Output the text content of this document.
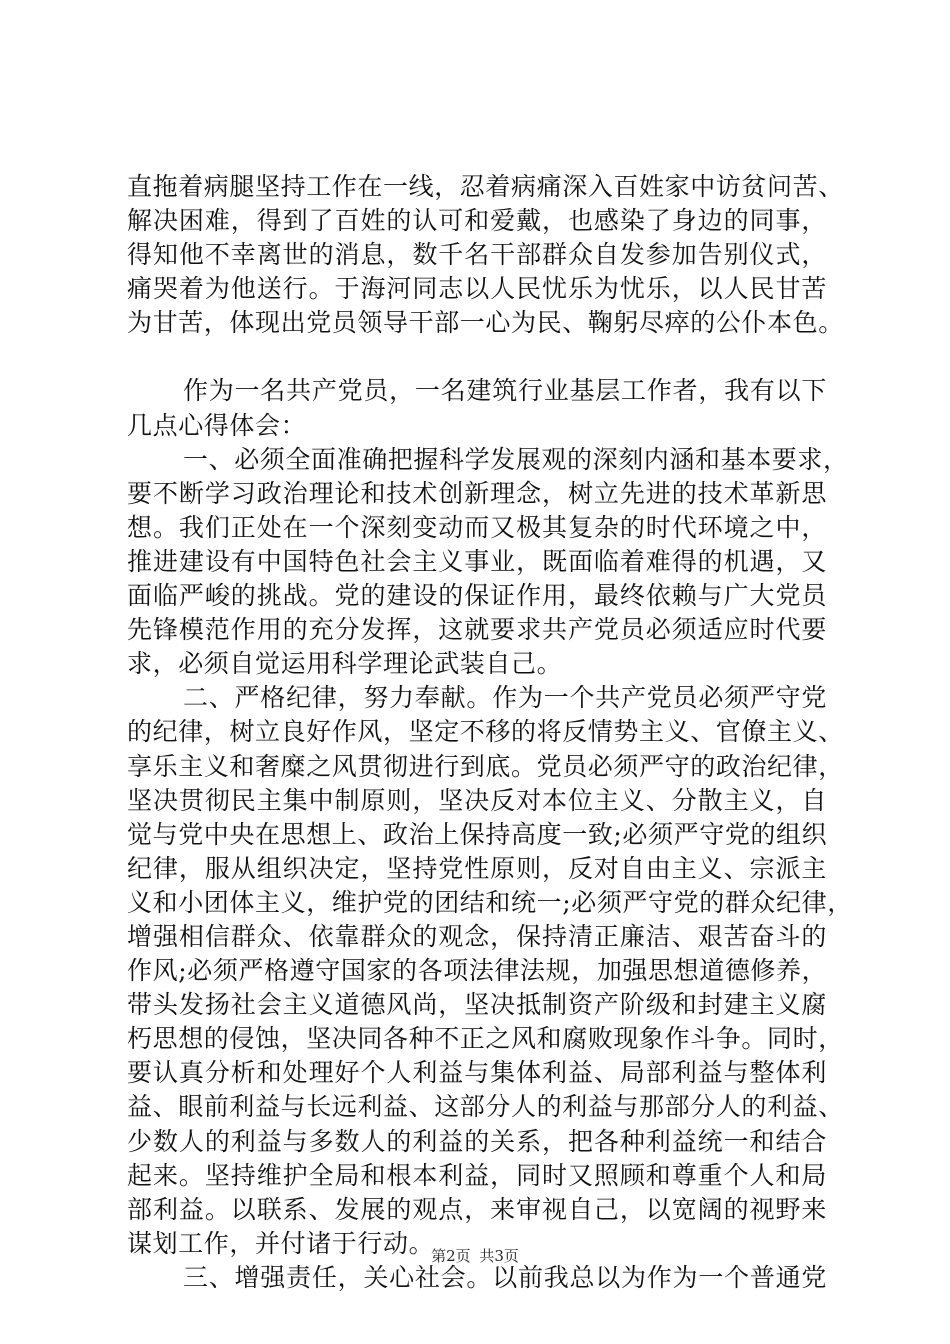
直拖着病腿坚持工作在一线，忍着病痛深入百姓家中访贫问苦、
解决困难，得到了百姓的认可和爱戴，也感染了身边的同事，
得知他不幸离世的消息，数千名干部群众自发参加告别仪式，
痛哭着为他送行。于海河同志以人民忧乐为忧乐，以人民甘苦
为甘苦，体现出党员领导干部一心为民、鞠躬尽瘁的公仆本色。
作为一名共产党员，一名建筑行业基层工作者，我有以下
几点心得体会：
一、必须全面准确把握科学发展观的深刻内涵和基本要求，
要不断学习政治理论和技术创新理念，树立先进的技术革新思
想。我们正处在一个深刻变动而又极其复杂的时代环境之中，
推进建设有中国特色社会主义事业，既面临着难得的机遇，又
面临严峻的挑战。党的建设的保证作用，最终依赖与广大党员
先锋模范作用的充分发挥，这就要求共产党员必须适应时代要
求，必须自觉运用科学理论武装自己。
二、严格纪律，努力奉献。作为一个共产党员必须严守党
的纪律，树立良好作风，坚定不移的将反情势主义、官僚主义、
享乐主义和奢糜之风贯彻进行到底。党员必须严守的政治纪律，
坚决贯彻民主集中制原则，坚决反对本位主义、分散主义，自
觉与党中央在思想上、政治上保持高度一致;必须严守党的组织
纪律，服从组织决定，坚持党性原则，反对自由主义、宗派主
义和小团体主义，维护党的团结和统一;必须严守党的群众纪律，
增强相信群众、依靠群众的观念，保持清正廉洁、艰苦奋斗的
作风;必须严格遵守国家的各项法律法规，加强思想道德修养，
带头发扬社会主义道德风尚，坚决抵制资产阶级和封建主义腐
朽思想的侵蚀，坚决同各种不正之风和腐败现象作斗争。同时，
要认真分析和处理好个人利益与集体利益、局部利益与整体利
益、眼前利益与长远利益、这部分人的利益与那部分人的利益、
少数人的利益与多数人的利益的关系，把各种利益统一和结合
起来。坚持维护全局和根本利益，同时又照顾和尊重个人和局
部利益。以联系、发展的观点，来审视自己，以宽阔的视野来
谋划工作，并付诸于行动。
三、增强责任，关心社会。以前我总以为作为一个普通党
第2页 共3页
